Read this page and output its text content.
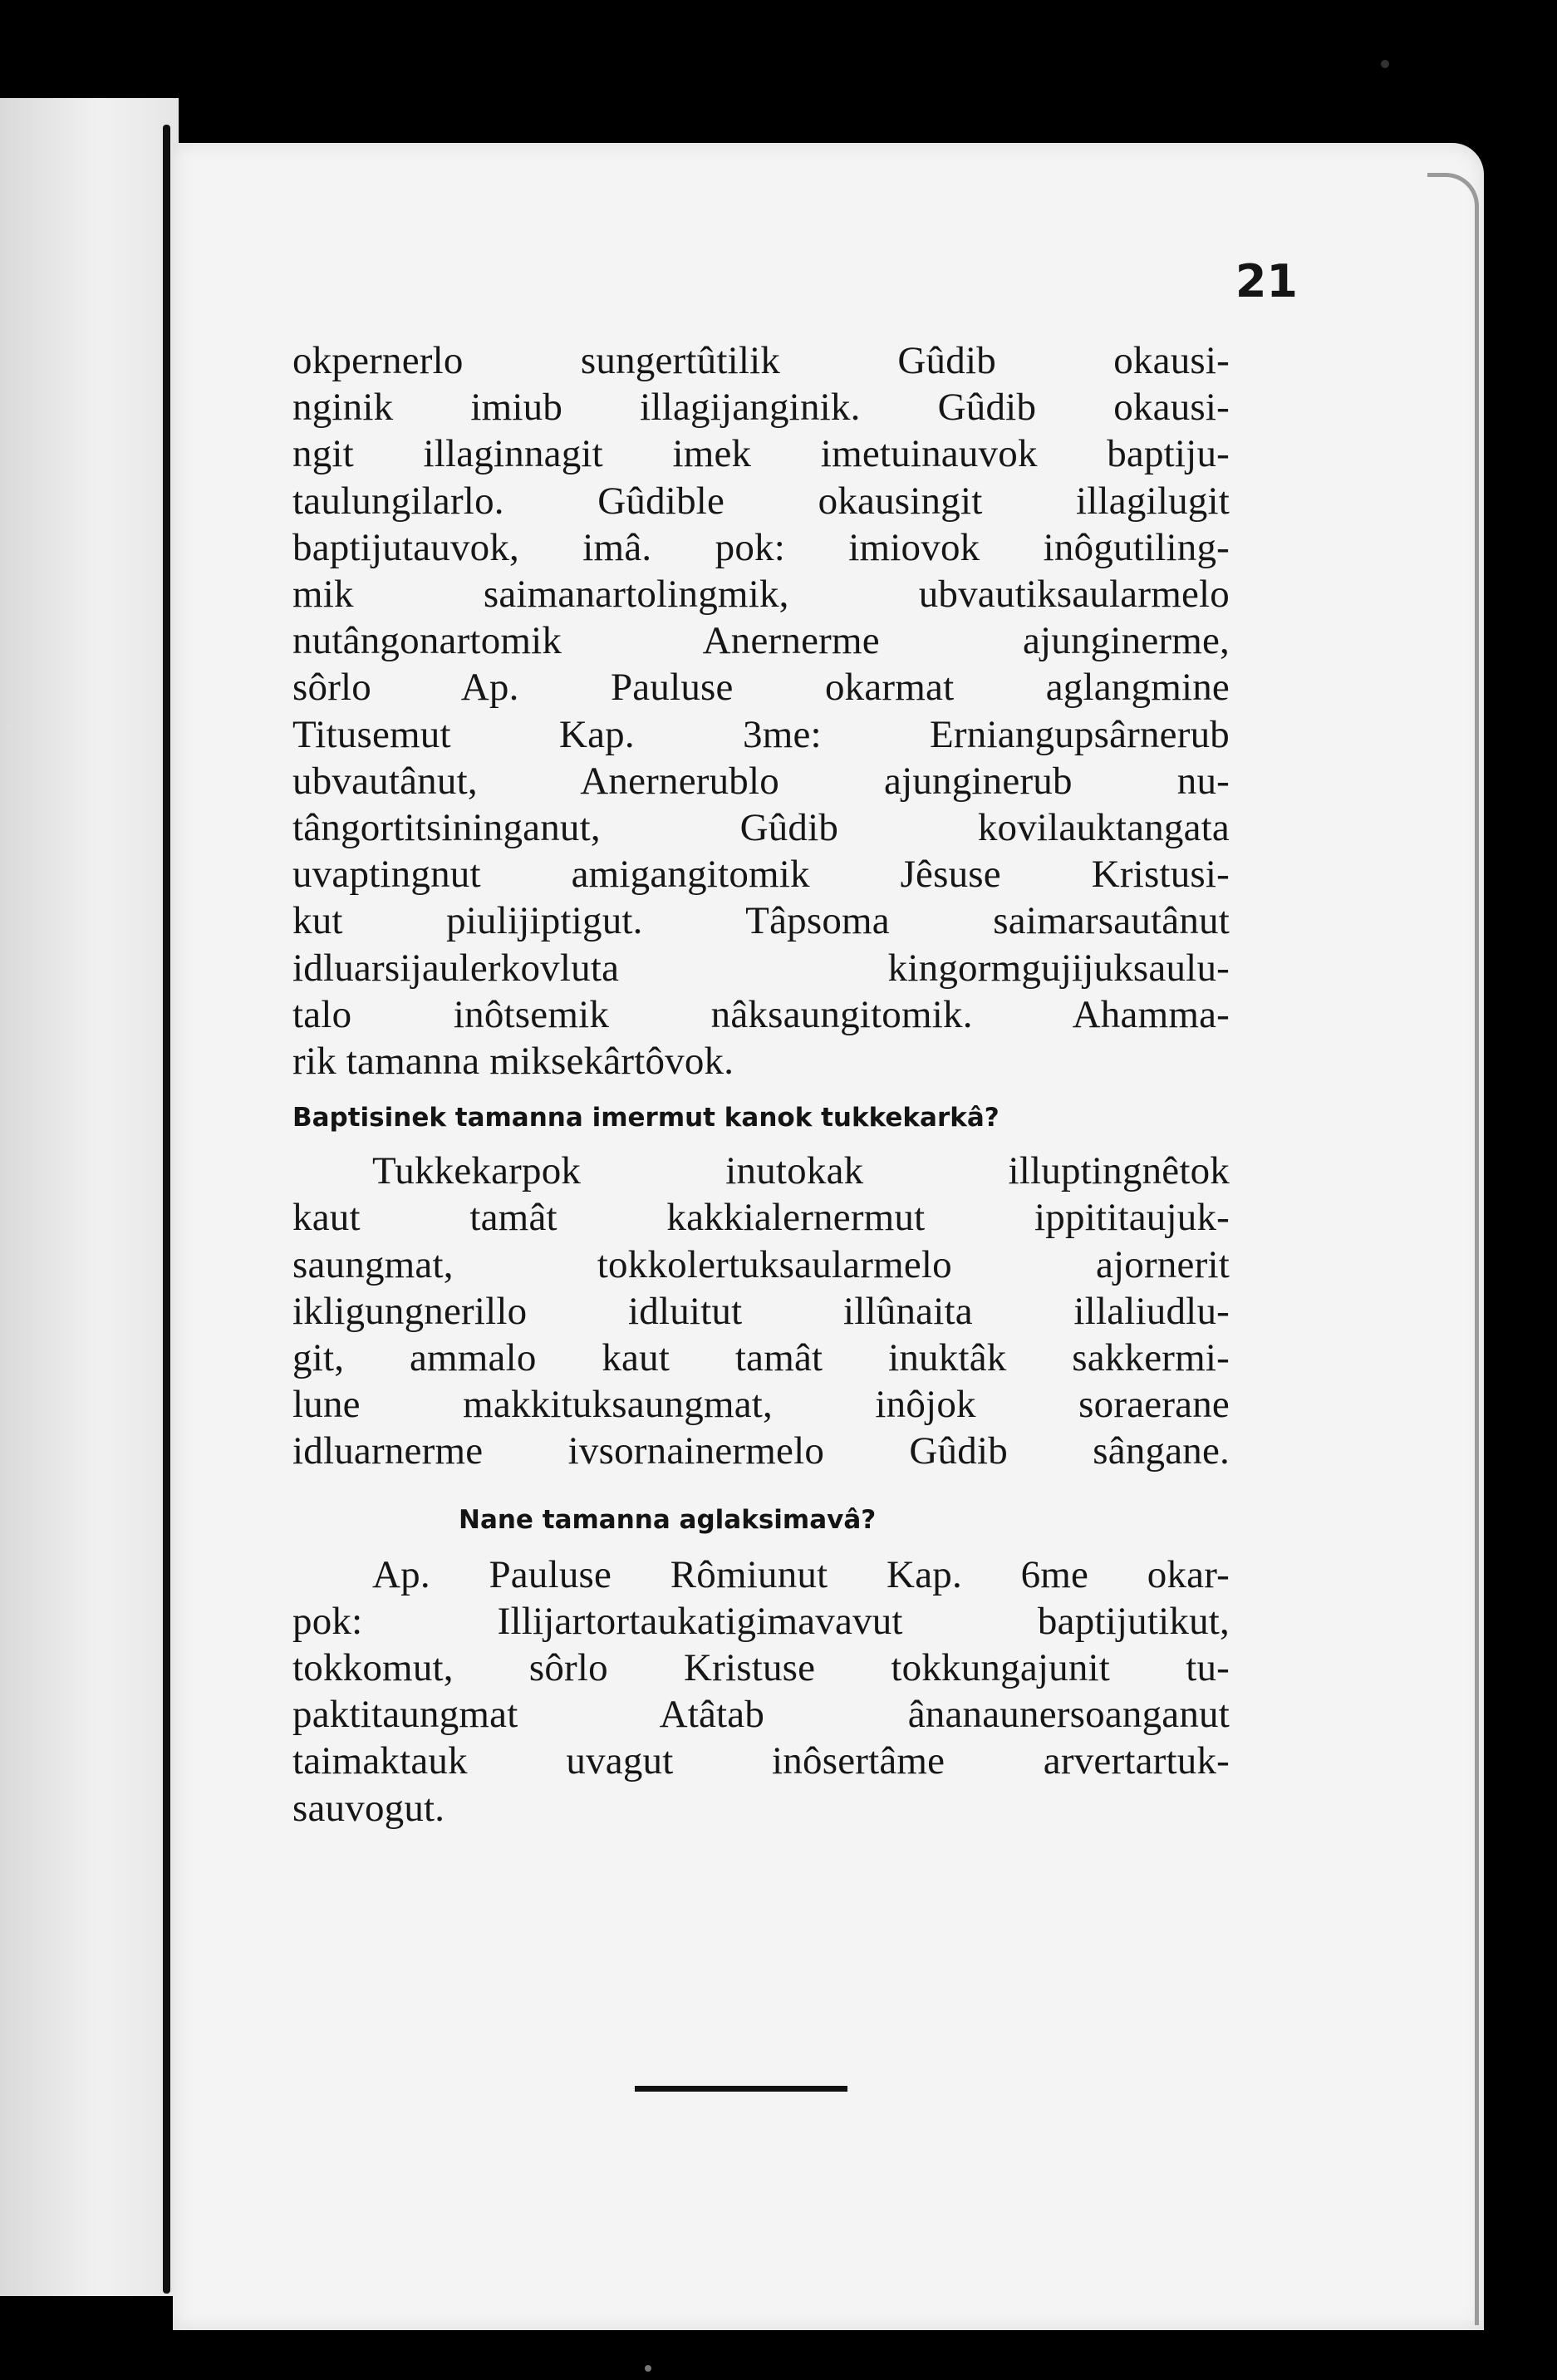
21
okpernerlo sungertûtilik Gûdib okausi-
nginik imiub illagijanginik. Gûdib okausi-
ngit illaginnagit imek imetuinauvok baptiju-
taulungilarlo. Gûdible okausingit illagilugit
baptijutauvok, imâ. pok: imiovok inôgutiling-
mik saimanartolingmik, ubvautiksaularmelo
nutângonartomik Anernerme ajunginerme,
sôrlo Ap. Pauluse okarmat aglangmine
Titusemut Kap. 3me: Erniangupsârnerub
ubvautânut, Anernerublo ajunginerub nu-
tângortitsininganut, Gûdib kovilauktangata
uvaptingnut amigangitomik Jêsuse Kristusi-
kut piulijiptigut. Tâpsoma saimarsautânut
idluarsijaulerkovluta kingormgujijuksaulu-
talo inôtsemik nâksaungitomik. Ahamma-
rik tamanna miksekârtôvok.
Baptisinek tamanna imermut kanok tukkekarkâ?
Tukkekarpok inutokak illuptingnêtok
kaut tamât kakkialernermut ippititaujuk-
saungmat, tokkolertuksaularmelo ajornerit
ikligungnerillo idluitut illûnaita illaliudlu-
git, ammalo kaut tamât inuktâk sakkermi-
lune makkituksaungmat, inôjok soraerane
idluarnerme ivsornainermelo Gûdib sângane.
Nane tamanna aglaksimavâ?
Ap. Pauluse Rômiunut Kap. 6me okar-
pok: Illijartortaukatigimavavut baptijutikut,
tokkomut, sôrlo Kristuse tokkungajunit tu-
paktitaungmat Atâtab ânanaunersoanganut
taimaktauk uvagut inôsertâme arvertartuk-
sauvogut.
